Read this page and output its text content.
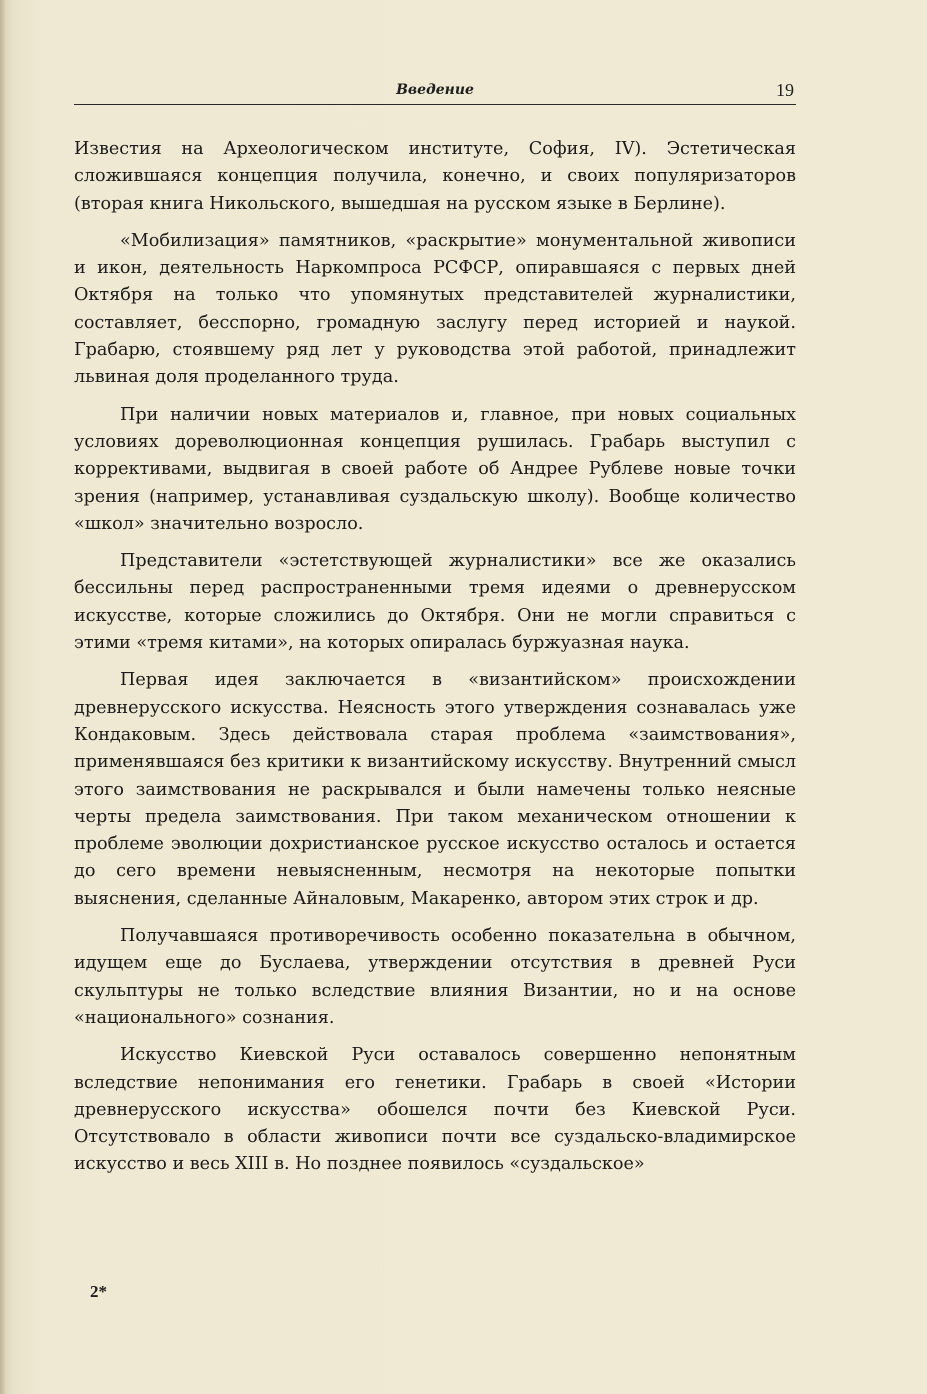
Введение	19

Известия на Археологическом институте, София, IV). Эстетическая сложившаяся концепция получила, конечно, и своих популяризаторов (вторая книга Никольского, вышедшая на русском языке в Берлине).

«Мобилизация» памятников, «раскрытие» монументальной живописи и икон, деятельность Наркомпроса РСФСР, опиравшаяся с первых дней Октября на только что упомянутых представителей журналистики, составляет, бесспорно, громадную заслугу перед историей и наукой. Грабарю, стоявшему ряд лет у руководства этой работой, принадлежит львиная доля проделанного труда.

При наличии новых материалов и, главное, при новых социальных условиях дореволюционная концепция рушилась. Грабарь выступил с коррективами, выдвигая в своей работе об Андрее Рублеве новые точки зрения (например, устанавливая суздальскую школу). Вообще количество «школ» значительно возросло.

Представители «эстетствующей журналистики» все же оказались бессильны перед распространенными тремя идеями о древнерусском искусстве, которые сложились до Октября. Они не могли справиться с этими «тремя китами», на которых опиралась буржуазная наука.

Первая идея заключается в «византийском» происхождении древнерусского искусства. Неясность этого утверждения сознавалась уже Кондаковым. Здесь действовала старая проблема «заимствования», применявшаяся без критики к византийскому искусству. Внутренний смысл этого заимствования не раскрывался и были намечены только неясные черты предела заимствования. При таком механическом отношении к проблеме эволюции дохристианское русское искусство осталось и остается до сего времени невыясненным, несмотря на некоторые попытки выяснения, сделанные Айналовым, Макаренко, автором этих строк и др.

Получавшаяся противоречивость особенно показательна в обычном, идущем еще до Буслаева, утверждении отсутствия в древней Руси скульптуры не только вследствие влияния Византии, но и на основе «национального» сознания.

Искусство Киевской Руси оставалось совершенно непонятным вследствие непонимания его генетики. Грабарь в своей «Истории древнерусского искусства» обошелся почти без Киевской Руси. Отсутствовало в области живописи почти все суздальско-владимирское искусство и весь XIII в. Но позднее появилось «суздальское»

2*
